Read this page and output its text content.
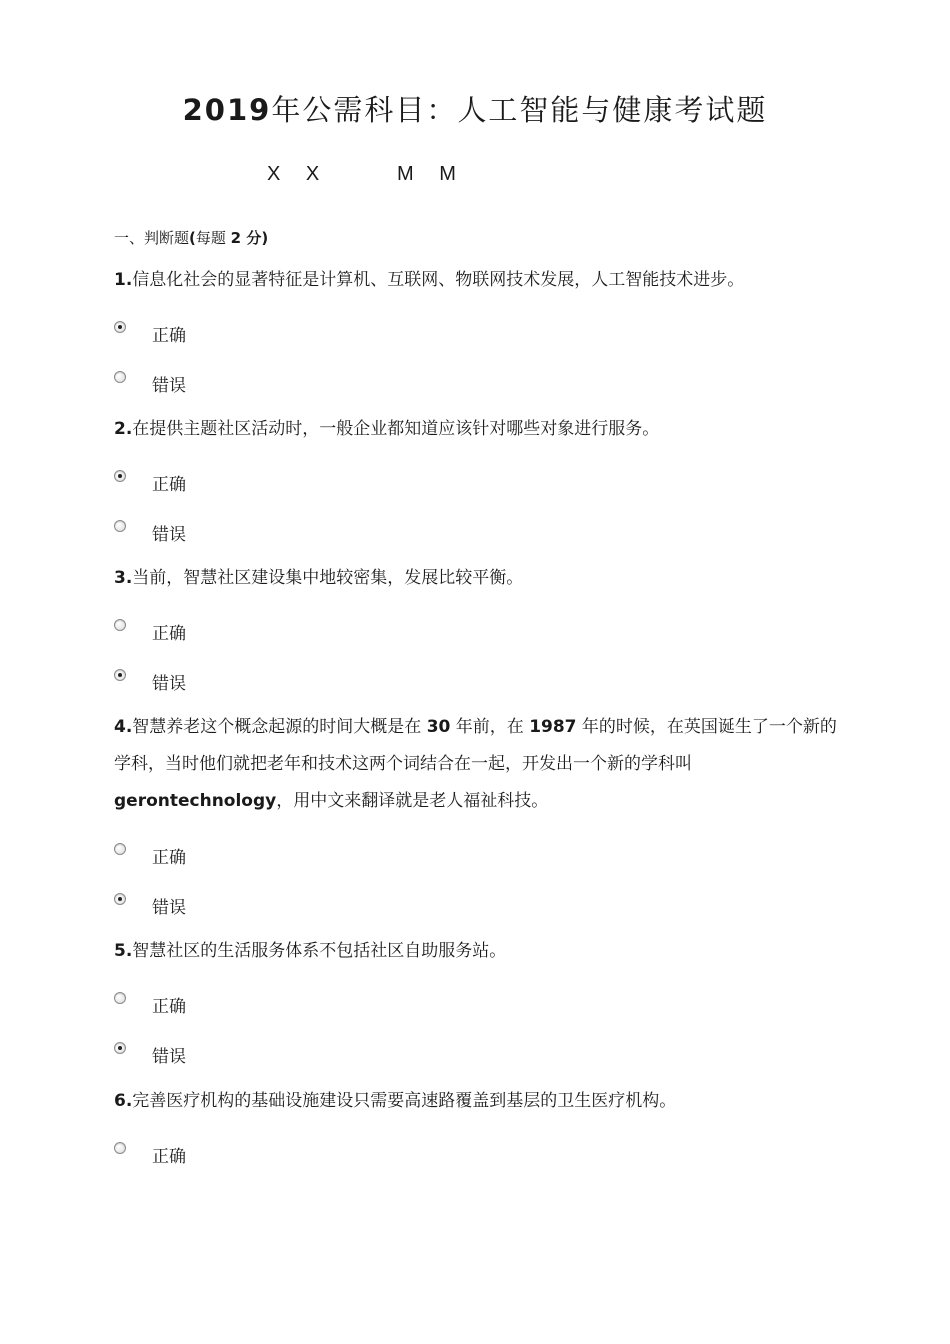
2019年公需科目：人工智能与健康考试题
X X	M M
一、判断题(每题 2 分)
1.信息化社会的显著特征是计算机、互联网、物联网技术发展，人工智能技术进步。
正确
错误
2.在提供主题社区活动时，一般企业都知道应该针对哪些对象进行服务。
正确
错误
3.当前，智慧社区建设集中地较密集，发展比较平衡。
正确
错误
4.智慧养老这个概念起源的时间大概是在 30 年前，在 1987 年的时候，在英国诞生了一个新的学科，当时他们就把老年和技术这两个词结合在一起，开发出一个新的学科叫 gerontechnology，用中文来翻译就是老人福祉科技。
正确
错误
5.智慧社区的生活服务体系不包括社区自助服务站。
正确
错误
6.完善医疗机构的基础设施建设只需要高速路覆盖到基层的卫生医疗机构。
正确
